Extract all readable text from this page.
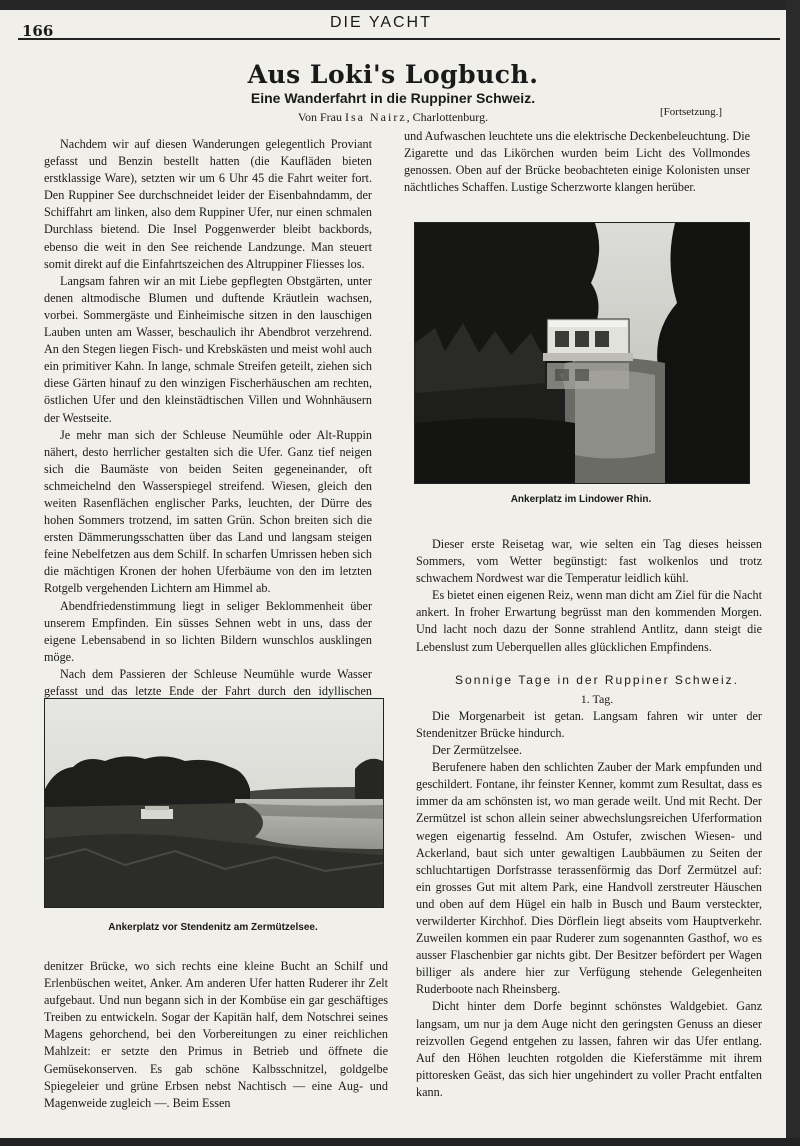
166	DIE YACHT
Aus Loki's Logbuch.
Eine Wanderfahrt in die Ruppiner Schweiz.
Von Frau Isa Nairz, Charlottenburg.	[Fortsetzung.]

Nachdem wir auf diesen Wanderungen gelegentlich Proviant gefasst und Benzin bestellt hatten (die Kaufläden bieten erstklassige Ware), setzten wir um 6 Uhr 45 die Fahrt weiter fort. Den Ruppiner See durchschneidet leider der Eisenbahndamm, der Schiffahrt am linken, also dem Ruppiner Ufer, nur einen schmalen Durchlass bietend. Die Insel Poggenwerder bleibt backbords, ebenso die weit in den See reichende Landzunge. Man steuert somit direkt auf die Einfahrtszeichen des Altruppiner Fliesses los.

Langsam fahren wir an mit Liebe gepflegten Obstgärten, unter denen altmodische Blumen und duftende Kräutlein wachsen, vorbei. Sommergäste und Einheimische sitzen in den lauschigen Lauben unten am Wasser, beschaulich ihr Abendbrot verzehrend. An den Stegen liegen Fisch- und Krebskästen und meist wohl auch ein primitiver Kahn. In lange, schmale Streifen geteilt, ziehen sich diese Gärten hinauf zu den winzigen Fischerhäuschen am rechten, östlichen Ufer und den kleinstädtischen Villen und Wohnhäusern der Westseite.

Je mehr man sich der Schleuse Neumühle oder Alt-Ruppin nähert, desto herrlicher gestalten sich die Ufer. Ganz tief neigen sich die Baumäste von beiden Seiten gegeneinander, oft schmeichelnd den Wasserspiegel streifend. Wiesen, gleich den weiten Rasenflächen englischer Parks, leuchten, der Dürre des hohen Sommers trotzend, im satten Grün. Schon breiten sich die ersten Dämmerungsschatten über das Land und langsam steigen feine Nebelfetzen aus dem Schilf. In scharfen Umrissen heben sich die mächtigen Kronen der hohen Uferbäume von den im letzten Rotgelb vergehenden Lichtern am Himmel ab.

Abendfriedenstimmung liegt in seliger Beklommenheit über unserem Empfinden. Ein süsses Sehnen webt in uns, dass der eigene Lebensabend in so lichten Bildern wunschlos ausklingen möge.

Nach dem Passieren der Schleuse Neumühle wurde Wasser gefasst und das letzte Ende der Fahrt durch den idyllischen

Ankerplatz vor Stendenitz am Zermützelsee.

denitzer Brücke, wo sich rechts eine kleine Bucht an Schilf und Erlenbüschen weitet, Anker. Am anderen Ufer hatten Ruderer ihr Zelt aufgebaut. Und nun begann sich in der Kombüse ein gar geschäftiges Treiben zu entwickeln. Sogar der Kapitän half, dem Notschrei seines Magens gehorchend, bei den Vorbereitungen zu einer reichlichen Mahlzeit: er setzte den Primus in Betrieb und öffnete die Gemüsekonserven. Es gab schöne Kalbsschnitzel, goldgelbe Spiegeleier und grüne Erbsen nebst Nachtisch — eine Aug- und Magenweide zugleich —. Beim Essen

und Aufwaschen leuchtete uns die elektrische Deckenbeleuchtung. Die Zigarette und das Likörchen wurden beim Licht des Vollmondes genossen. Oben auf der Brücke beobachteten einige Kolonisten unser nächtliches Schaffen. Lustige Scherzworte klangen herüber.

Ankerplatz im Lindower Rhin.

Dieser erste Reisetag war, wie selten ein Tag dieses heissen Sommers, vom Wetter begünstigt: fast wolkenlos und trotz schwachem Nordwest war die Temperatur leidlich kühl.

Es bietet einen eigenen Reiz, wenn man dicht am Ziel für die Nacht ankert. In froher Erwartung begrüsst man den kommenden Morgen. Und lacht noch dazu der Sonne strahlend Antlitz, dann steigt die Lebenslust zum Ueberquellen alles glücklichen Empfindens.

Sonnige Tage in der Ruppiner Schweiz.

1. Tag.

Die Morgenarbeit ist getan. Langsam fahren wir unter der Stendenitzer Brücke hindurch.

Der Zermützelsee.

Berufenere haben den schlichten Zauber der Mark empfunden und geschildert. Fontane, ihr feinster Kenner, kommt zum Resultat, dass es immer da am schönsten ist, wo man gerade weilt. Und mit Recht. Der Zermützel ist schon allein seiner abwechslungsreichen Uferformation wegen eigenartig fesselnd. Am Ostufer, zwischen Wiesen- und Ackerland, baut sich unter gewaltigen Laubbäumen zu Seiten der schluchtartigen Dorfstrasse terassenförmig das Dorf Zermützel auf: ein grosses Gut mit altem Park, eine Handvoll zerstreuter Häuschen und oben auf dem Hügel ein halb in Busch und Baum versteckter, verwilderter Kirchhof. Dies Dörflein liegt abseits vom Hauptverkehr. Zuweilen kommen ein paar Ruderer zum sogenannten Gasthof, wo es ausser Flaschenbier gar nichts gibt. Der Besitzer befördert per Wagen billiger als andere hier zur Verfügung stehende Gelegenheiten Ruderboote nach Rheinsberg.

Dicht hinter dem Dorfe beginnt schönstes Waldgebiet. Ganz langsam, um nur ja dem Auge nicht den geringsten Genuss an dieser reizvollen Gegend entgehen zu lassen, fahren wir das Ufer entlang. Auf den Höhen leuchten rotgolden die Kieferstämme mit ihrem pittoresken Geäst, das sich hier ungehindert zu voller Pracht entfalten kann.
